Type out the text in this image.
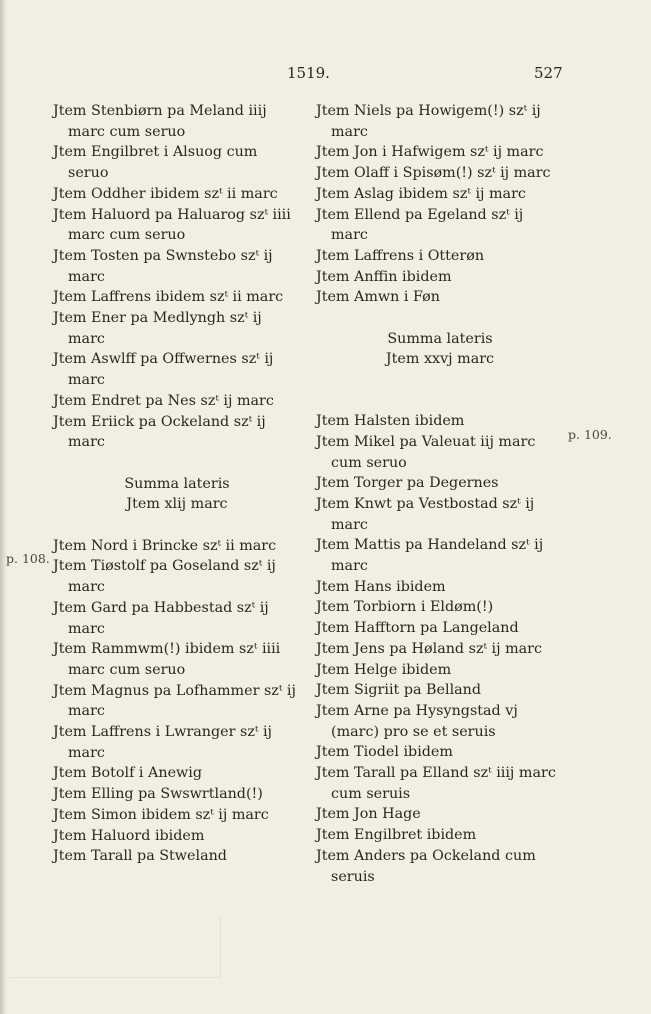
1519.	527
p. 108.
p. 109.

Jtem Stenbiørn pa Meland iiij marc cum seruo

Jtem Engilbret i Alsuog cum seruo

Jtem Oddher ibidem szᵗ ii marc

Jtem Haluord pa Haluarog szᵗ iiii marc cum seruo

Jtem Tosten pa Swnstebo szᵗ ij marc

Jtem Laffrens ibidem szᵗ ii marc

Jtem Ener pa Medlyngh szᵗ ij marc

Jtem Aswlff pa Offwernes szᵗ ij marc

Jtem Endret pa Nes szᵗ ij marc

Jtem Eriick pa Ockeland szᵗ ij marc

Summa lateris

Jtem xlij marc

Jtem Nord i Brincke szᵗ ii marc

Jtem Tiøstolf pa Goseland szᵗ ij marc

Jtem Gard pa Habbestad szᵗ ij marc

Jtem Rammwm(!) ibidem szᵗ iiii marc cum seruo

Jtem Magnus pa Lofhammer szᵗ ij marc

Jtem Laffrens i Lwranger szᵗ ij marc

Jtem Botolf i Anewig

Jtem Elling pa Swswrtland(!)

Jtem Simon ibidem szᵗ ij marc

Jtem Haluord ibidem

Jtem Tarall pa Stweland

Jtem Niels pa Howigem(!) szᵗ ij marc

Jtem Jon i Hafwigem szᵗ ij marc

Jtem Olaff i Spisøm(!) szᵗ ij marc

Jtem Aslag ibidem szᵗ ij marc

Jtem Ellend pa Egeland szᵗ ij marc

Jtem Laffrens i Otterøn

Jtem Anffin ibidem

Jtem Amwn i Føn

Summa lateris

Jtem xxvj marc

Jtem Halsten ibidem

Jtem Mikel pa Valeuat iij marc cum seruo

Jtem Torger pa Degernes

Jtem Knwt pa Vestbostad szᵗ ij marc

Jtem Mattis pa Handeland szᵗ ij marc

Jtem Hans ibidem

Jtem Torbiorn i Eldøm(!)

Jtem Hafftorn pa Langeland

Jtem Jens pa Høland szᵗ ij marc

Jtem Helge ibidem

Jtem Sigriit pa Belland

Jtem Arne pa Hysyngstad vj (marc) pro se et seruis

Jtem Tiodel ibidem

Jtem Tarall pa Elland szᵗ iiij marc cum seruis

Jtem Jon Hage

Jtem Engilbret ibidem

Jtem Anders pa Ockeland cum seruis
